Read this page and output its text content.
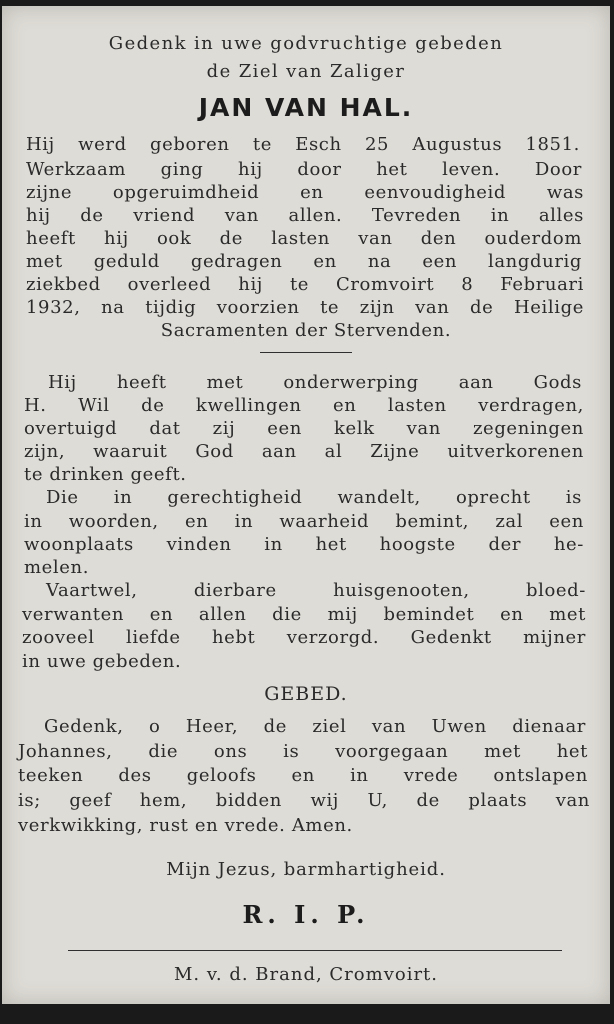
Gedenk in uwe godvruchtige gebeden

de Ziel van Zaliger

JAN VAN HAL.

Hij werd geboren te Esch 25 Augustus 1851.

Werkzaam ging hij door het leven. Door

zijne opgeruimdheid en eenvoudigheid was

hij de vriend van allen. Tevreden in alles

heeft hij ook de lasten van den ouderdom

met geduld gedragen en na een langdurig

ziekbed overleed hij te Cromvoirt 8 Februari

1932, na tijdig voorzien te zijn van de Heilige

Sacramenten der Stervenden.

Hij heeft met onderwerping aan Gods

H. Wil de kwellingen en lasten verdragen,

overtuigd dat zij een kelk van zegeningen

zijn, waaruit God aan al Zijne uitverkorenen

te drinken geeft.

Die in gerechtigheid wandelt, oprecht is

in woorden, en in waarheid bemint, zal een

woonplaats vinden in het hoogste der he-

melen.

Vaartwel, dierbare huisgenooten, bloed-

verwanten en allen die mij bemindet en met

zooveel liefde hebt verzorgd. Gedenkt mijner

in uwe gebeden.

GEBED.

Gedenk, o Heer, de ziel van Uwen dienaar

Johannes, die ons is voorgegaan met het

teeken des geloofs en in vrede ontslapen

is; geef hem, bidden wij U, de plaats van

verkwikking, rust en vrede. Amen.

Mijn Jezus, barmhartigheid.

R. I. P.

M. v. d. Brand, Cromvoirt.
